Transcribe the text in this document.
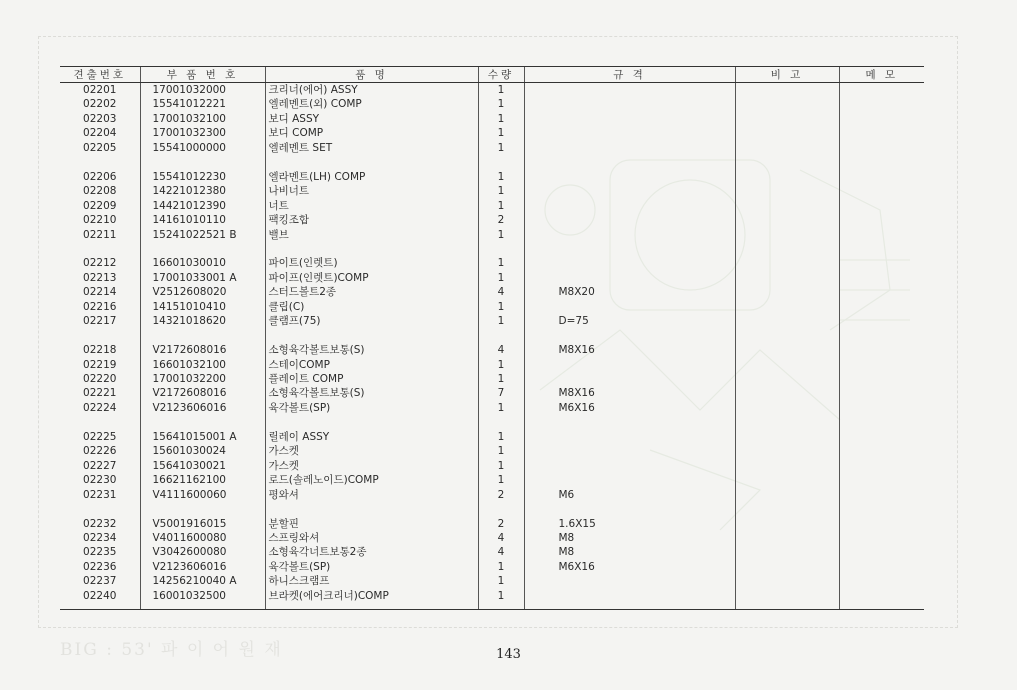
견출번호	부 품 번 호	품 명	수량	규 격	비 고	메 모
02201	17001032000	크리너(에어) ASSY	1			
02202	15541012221	엘레멘트(외) COMP	1			
02203	17001032100	보디 ASSY	1			
02204	17001032300	보디 COMP	1			
02205	15541000000	엘레멘트 SET	1			

02206	15541012230	엘라멘트(LH) COMP	1			
02208	14221012380	나비너트	1			
02209	14421012390	너트	1			
02210	14161010110	팩킹조합	2			
02211	15241022521 B	밸브	1			

02212	16601030010	파이트(인렛트)	1			
02213	17001033001 A	파이프(인렛트)COMP	1			
02214	V2512608020	스터드볼트2종	4	M8X20		
02216	14151010410	클립(C)	1			
02217	14321018620	클램프(75)	1	D=75		

02218	V2172608016	소형육각볼트보통(S)	4	M8X16		
02219	16601032100	스테이COMP	1			
02220	17001032200	플레이트 COMP	1			
02221	V2172608016	소형육각볼트보통(S)	7	M8X16		
02224	V2123606016	육각볼트(SP)	1	M6X16		

02225	15641015001 A	릴레이 ASSY	1			
02226	15601030024	가스켓	1			
02227	15641030021	가스켓	1			
02230	16621162100	로드(솔레노이드)COMP	1			
02231	V4111600060	평와셔	2	M6		

02232	V5001916015	분할핀	2	1.6X15		
02234	V4011600080	스프링와셔	4	M8		
02235	V3042600080	소형육각너트보통2종	4	M8		
02236	V2123606016	육각볼트(SP)	1	M6X16		
02237	14256210040 A	하니스크램프	1			
02240	16001032500	브라켓(에어크리너)COMP	1			
BIG : 53' 파 이 어 원 재	143
